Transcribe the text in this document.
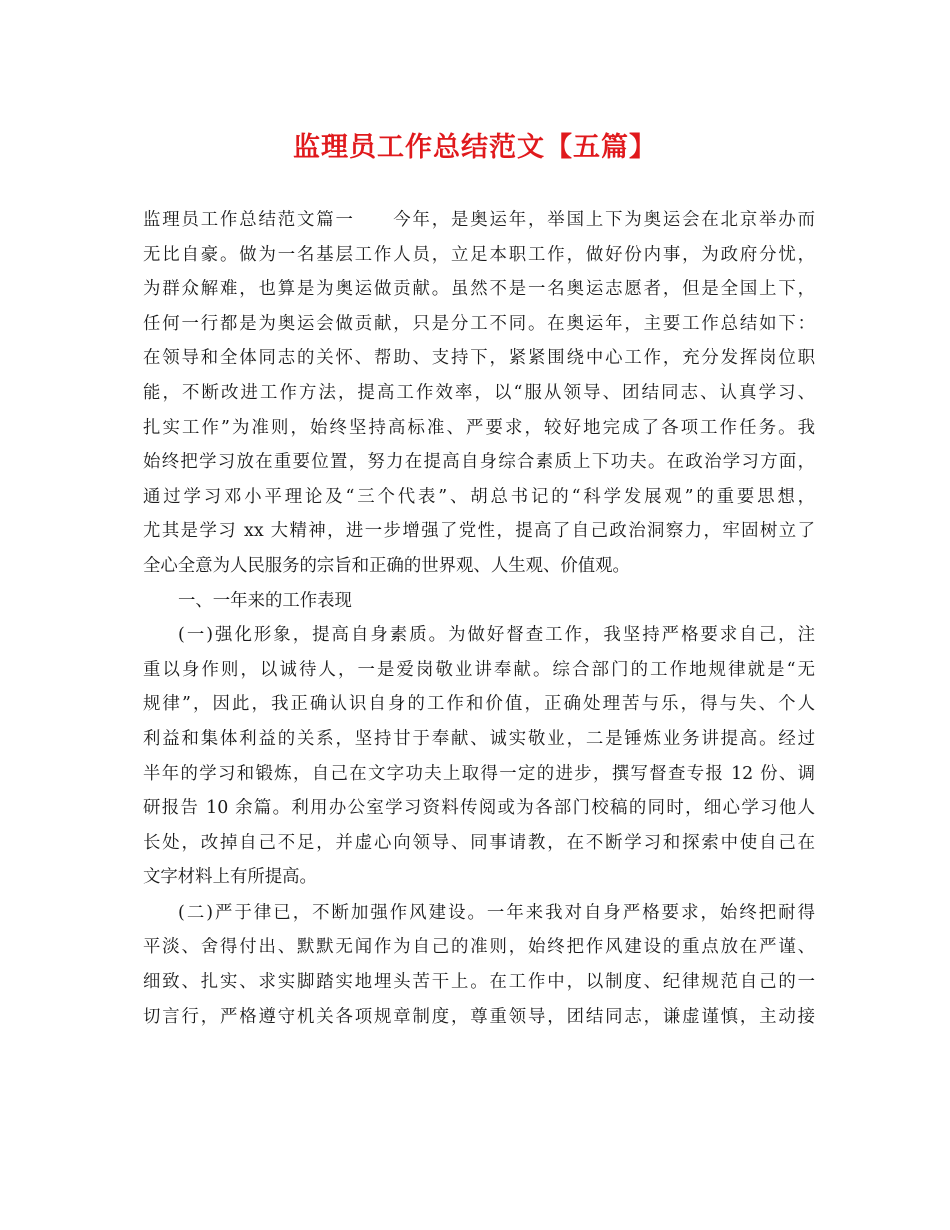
监理员工作总结范文【五篇】
监理员工作总结范文篇一　　今年，是奥运年，举国上下为奥运会在北京举办而
无比自豪。做为一名基层工作人员，立足本职工作，做好份内事，为政府分忧，
为群众解难，也算是为奥运做贡献。虽然不是一名奥运志愿者，但是全国上下，
任何一行都是为奥运会做贡献，只是分工不同。在奥运年，主要工作总结如下：
在领导和全体同志的关怀、帮助、支持下，紧紧围绕中心工作，充分发挥岗位职
能，不断改进工作方法，提高工作效率，以“服从领导、团结同志、认真学习、
扎实工作”为准则，始终坚持高标准、严要求，较好地完成了各项工作任务。我
始终把学习放在重要位置，努力在提高自身综合素质上下功夫。在政治学习方面，
通过学习邓小平理论及“三个代表”、胡总书记的“科学发展观”的重要思想，
尤其是学习 xx 大精神，进一步增强了党性，提高了自己政治洞察力，牢固树立了
全心全意为人民服务的宗旨和正确的世界观、人生观、价值观。
一、一年来的工作表现
(一)强化形象，提高自身素质。为做好督查工作，我坚持严格要求自己，注
重以身作则，以诚待人，一是爱岗敬业讲奉献。综合部门的工作地规律就是“无
规律”，因此，我正确认识自身的工作和价值，正确处理苦与乐，得与失、个人
利益和集体利益的关系，坚持甘于奉献、诚实敬业，二是锤炼业务讲提高。经过
半年的学习和锻炼，自己在文字功夫上取得一定的进步，撰写督查专报 12 份、调
研报告 10 余篇。利用办公室学习资料传阅或为各部门校稿的同时，细心学习他人
长处，改掉自己不足，并虚心向领导、同事请教，在不断学习和探索中使自己在
文字材料上有所提高。
(二)严于律已，不断加强作风建设。一年来我对自身严格要求，始终把耐得
平淡、舍得付出、默默无闻作为自己的准则，始终把作风建设的重点放在严谨、
细致、扎实、求实脚踏实地埋头苦干上。在工作中，以制度、纪律规范自己的一
切言行，严格遵守机关各项规章制度，尊重领导，团结同志，谦虚谨慎，主动接
